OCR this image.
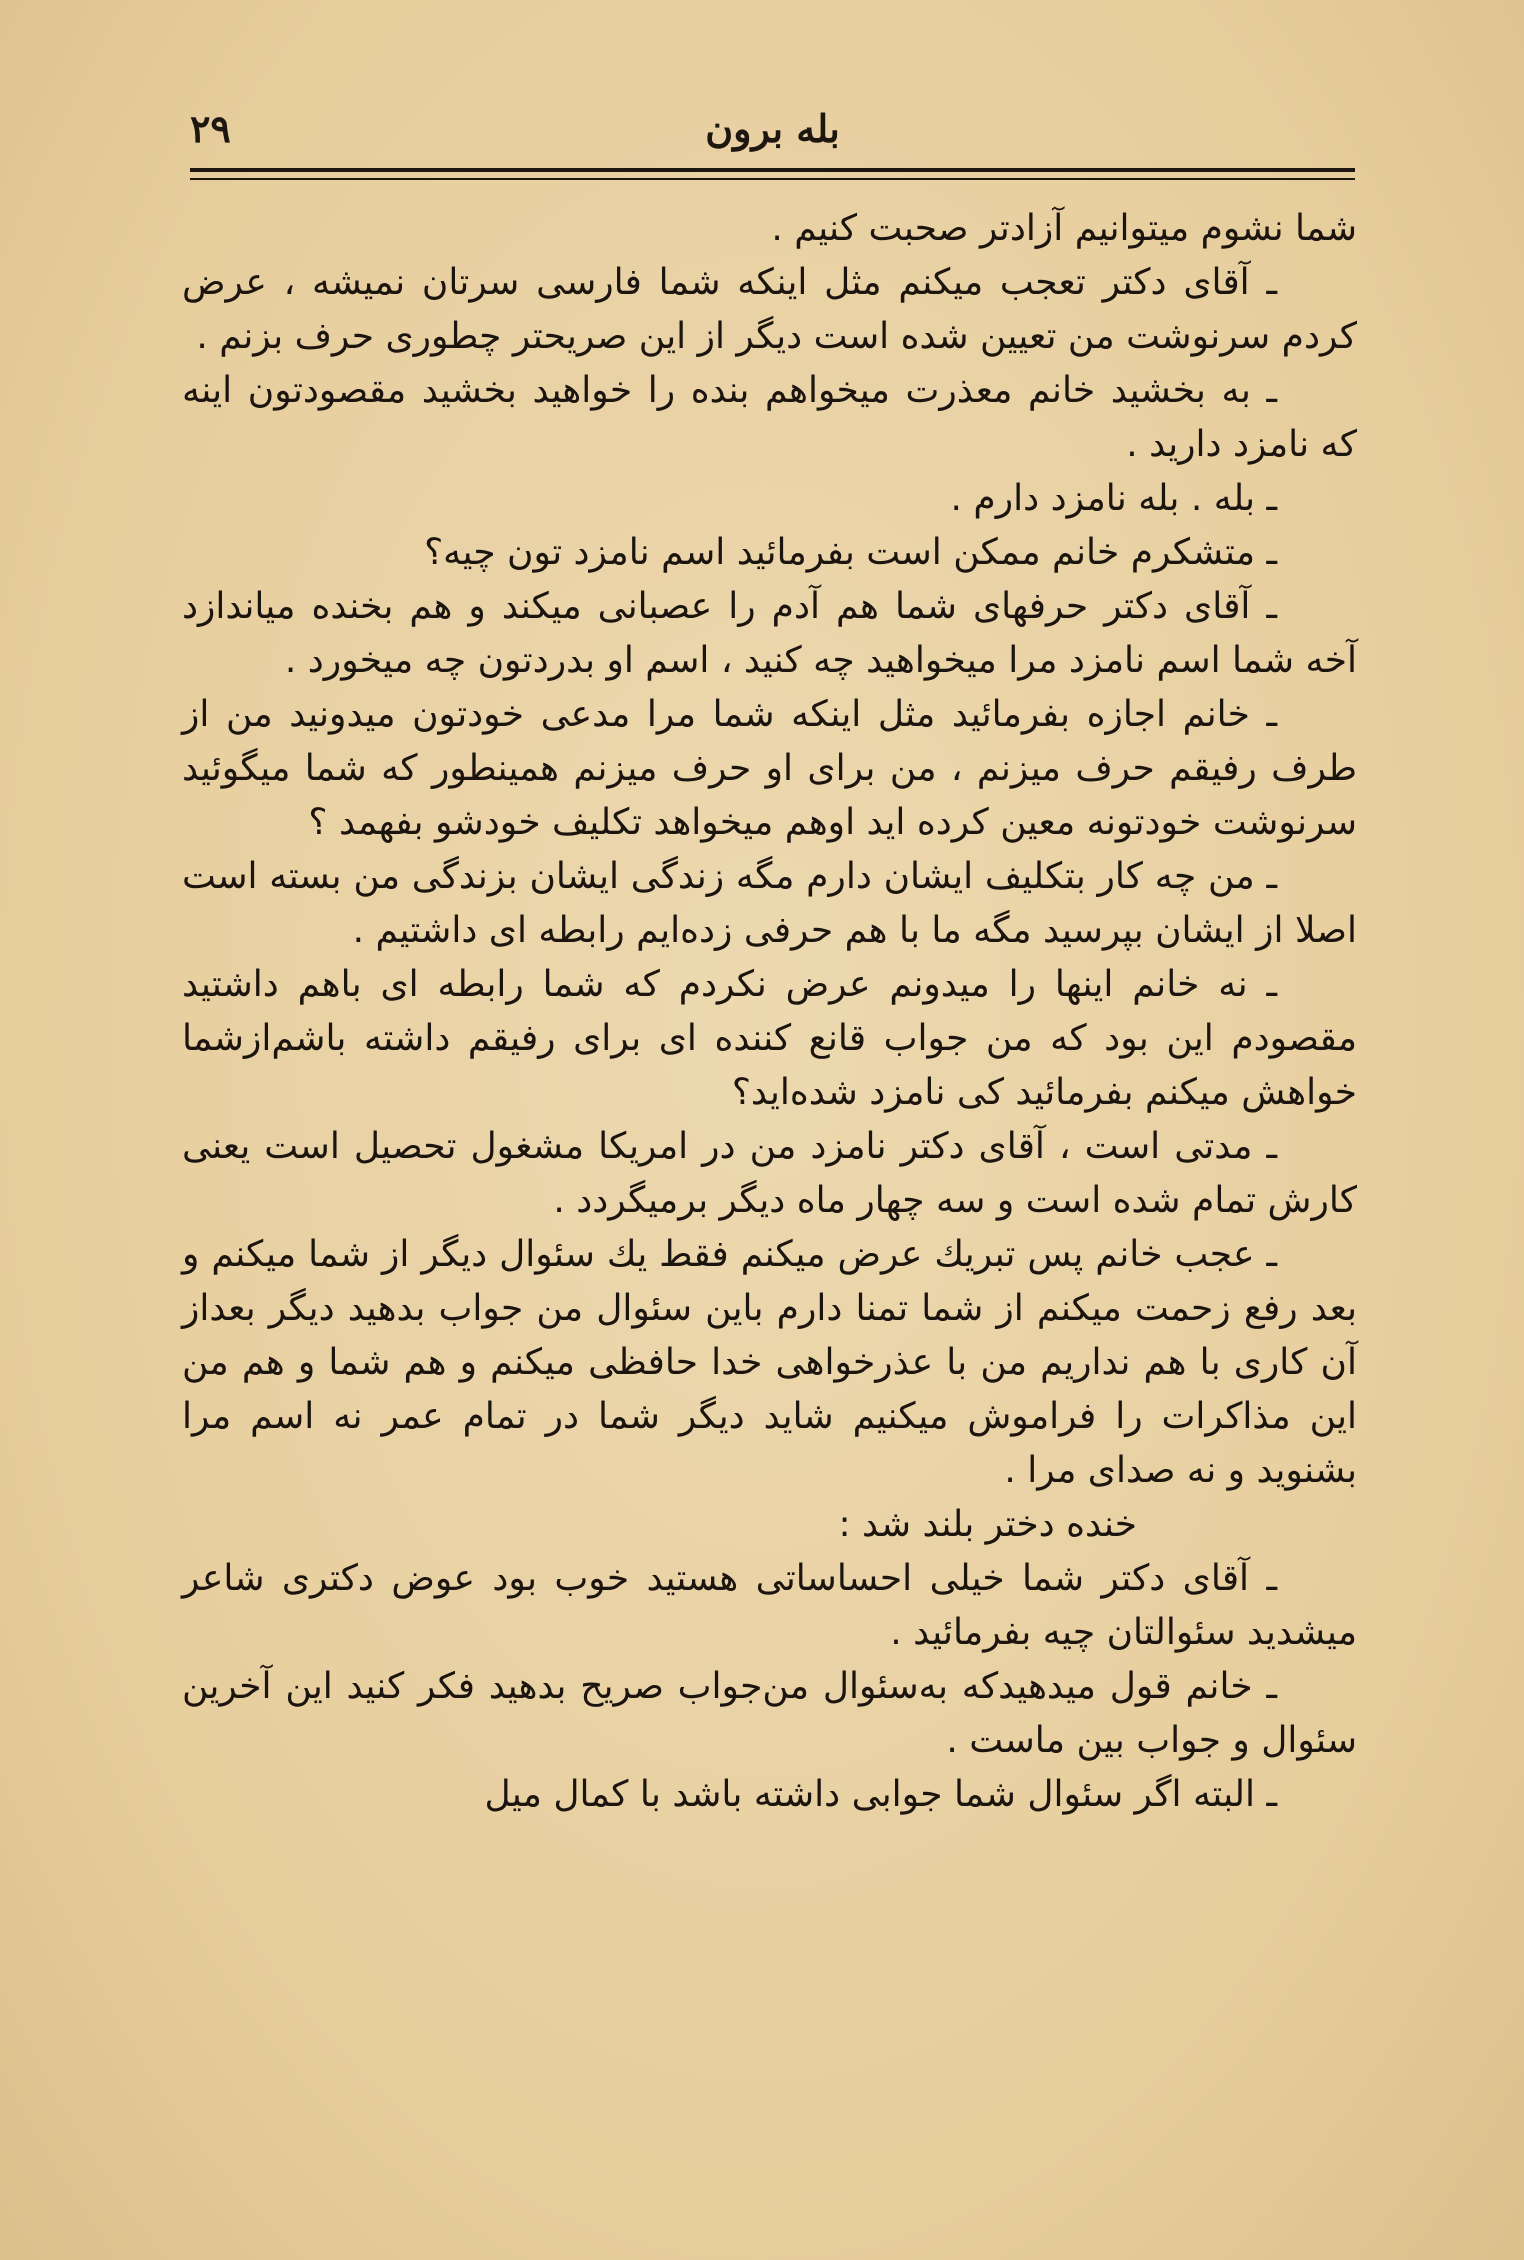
۲۹	بله برون

شما نشوم میتوانیم آزادتر صحبت کنیم .

ـ آقای دکتر تعجب میکنم مثل اینکه شما فارسی سرتان نمیشه ، عرض کردم سرنوشت من تعیین شده است دیگر از این صریحتر چطوری حرف بزنم .

ـ به بخشید خانم معذرت میخواهم بنده را خواهید بخشید مقصودتون اینه که نامزد دارید .

ـ بله . بله نامزد دارم .

ـ متشکرم خانم ممکن است بفرمائید اسم نامزد تون چیه؟

ـ آقای دکتر حرفهای شما هم آدم را عصبانی میکند و هم بخنده میاندازد آخه شما اسم نامزد مرا میخواهید چه کنید ، اسم او بدردتون چه میخورد .

ـ خانم اجازه بفرمائید مثل اینکه شما مرا مدعی خودتون میدونید من از طرف رفیقم حرف میزنم ، من برای او حرف میزنم همینطور که شما میگوئید سرنوشت خودتونه معین کرده اید اوهم میخواهد تکلیف خودشو بفهمد ؟

ـ من چه کار بتکلیف ایشان دارم مگه زندگی ایشان بزندگی من بسته است اصلا از ایشان بپرسید مگه ما با هم حرفی زده‌ایم رابطه ای داشتیم .

ـ نه خانم اینها را میدونم عرض نکردم که شما رابطه ای باهم داشتید مقصودم این بود که من جواب قانع کننده ای برای رفیقم داشته باشم‌ازشما خواهش میکنم بفرمائید کی نامزد شده‌اید؟

ـ مدتی است ، آقای دکتر نامزد من در امریکا مشغول تحصیل است یعنی کارش تمام شده است و سه چهار ماه دیگر برمیگردد .

ـ عجب خانم پس تبریك عرض میکنم فقط یك سئوال دیگر از شما میکنم و بعد رفع زحمت میکنم از شما تمنا دارم باین سئوال من جواب بدهید دیگر بعداز آن کاری با هم نداریم من با عذرخواهی خدا حافظی میکنم و هم شما و هم من این مذاکرات را فراموش میکنیم شاید دیگر شما در تمام عمر نه اسم مرا بشنوید و نه صدای مرا .

خنده دختر بلند شد :

ـ آقای دکتر شما خیلی احساساتی هستید خوب بود عوض دکتری شاعر میشدید سئوالتان چیه بفرمائید .

ـ خانم قول میدهیدکه به‌سئوال من‌جواب صریح بدهید فکر کنید این آخرین سئوال و جواب بین ماست .

ـ البته اگر سئوال شما جوابی داشته باشد با کمال میل
